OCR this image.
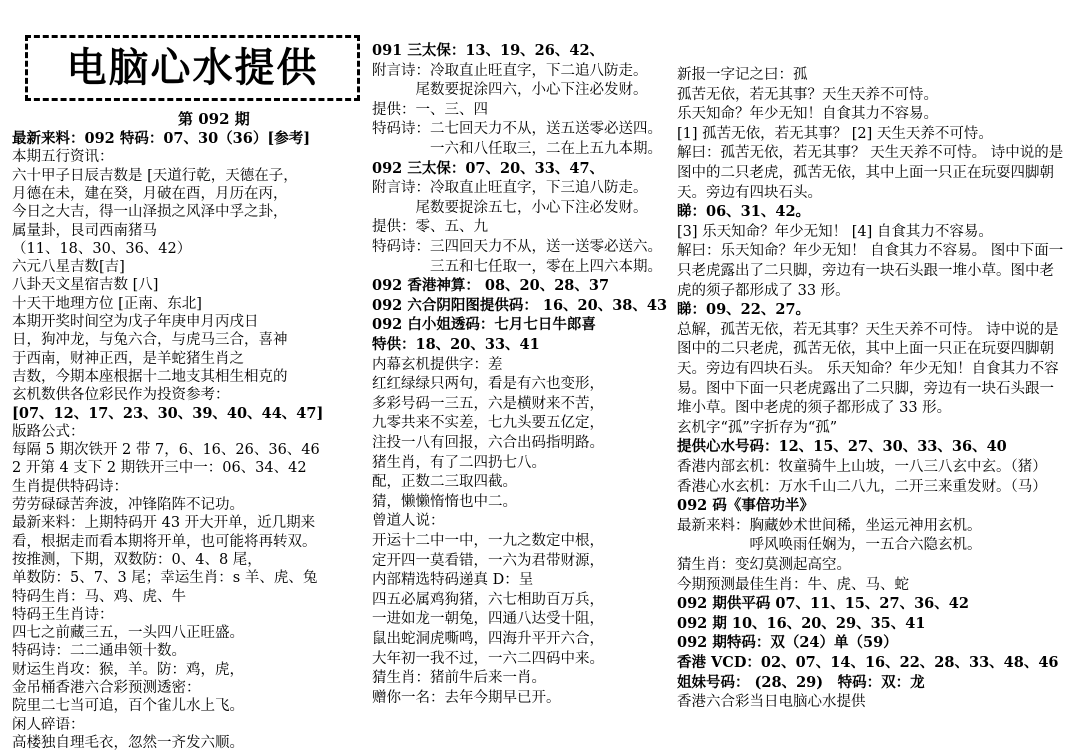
电脑心水提供
第 092 期
最新来料：092 特码：07、30（36）[参考]
本期五行资讯：
六十甲子日辰吉数是 [天道行乾，天德在子，
月德在未，建在癸，月破在酉，月历在丙，
今日之大吉，得一山泽损之风泽中孚之卦，
属量卦，艮司西南猪马
（11、18、30、36、42）
六元八星吉数[吉]
八卦天文星宿吉数 [八]
十天干地理方位 [正南、东北]
本期开奖时间空为戊子年庚申月丙戌日
日，狗冲龙，与兔六合，与虎马三合，喜神
于西南，财神正西，是羊蛇猪生肖之
吉数，今期本座根据十二地支其相生相克的
玄机数供各位彩民作为投资参考：
[07、12、17、23、30、39、40、44、47]
版路公式：
每隔 5 期次铁开 2 带 7，6、16、26、36、46
2 开第 4 支下 2 期铁开三中一：06、34、42
生肖提供特码诗：
劳劳碌碌苦奔波，冲锋陷阵不记功。
最新来料：上期特码开 43 开大开单，近几期来
看，根据走而看本期将开单，也可能将再转双。
按推测，下期，双数防：0、4、8 尾，
单数防：5、7、3 尾；幸运生肖：s 羊、虎、兔
特码生肖：马、鸡、虎、牛
特码王生肖诗：
四七之前藏三五，一头四八正旺盛。
特码诗：二二通串领十数。
财运生肖攻：猴，羊。防：鸡，虎，
金吊桶香港六合彩预测透密：
院里二七当可追，百个雀儿水上飞。
闲人碎语：
高楼独自理毛衣，忽然一齐发六顺。
091 三太保：13、19、26、42、
附言诗：冷取直止旺直字，下二追八防走。
　　　尾数要捉涂四六，小心下注必发财。
提供：一、三、四
特码诗：二七回天力不从，送五送零必送四。
　　　　一六和八任取三，二在上五九本期。
092 三太保：07、20、33、47、
附言诗：冷取直止旺直字，下三追八防走。
　　　尾数要捉涂五七，小心下注必发财。
提供：零、五、九
特码诗：三四回天力不从，送一送零必送六。
　　　　三五和七任取一，零在上四六本期。
092 香港神算： 08、20、28、37
092 六合阴阳图提供码： 16、20、38、43
092 白小姐透码：七月七日牛郎喜
特供：18、20、33、41
内幕玄机提供字：差
红红绿绿只两句，看是有六也变形，
多彩号码一三五，六是横财来不苦，
九零共来不实差，七九头要五亿定，
注投一八有回报，六合出码指明路。
猪生肖，有了二四扔七八。
配，正数二三取四截。
猜，懒懒惰惰也中二。
曾道人说：
开运十二中一中，一九之数定中根，
定开四一莫看错，一六为君带财源，
内部精选特码递真 D：呈
四五必属鸡狗猪，六七相助百万兵，
一进如龙一朝兔，四通八达受十阻，
鼠出蛇洞虎嘶鸣，四海升平开六合，
大年初一我不过，一六二四码中来。
猜生肖：猪前牛后来一肖。
赠你一名：去年今期早已开。
新报一字记之曰：孤
孤苦无依，若无其事？天生天养不可恃。
乐天知命？年少无知！自食其力不容易。
[1] 孤苦无依，若无其事？ [2] 天生天养不可恃。
解曰：孤苦无依，若无其事？ 天生天养不可恃。 诗中说的是
图中的二只老虎，孤苦无依，其中上面一只正在玩耍四脚朝
天。旁边有四块石头。
睇：06、31、42。
[3] 乐天知命？年少无知！ [4] 自食其力不容易。
解曰：乐天知命？年少无知！ 自食其力不容易。 图中下面一
只老虎露出了二只脚，旁边有一块石头跟一堆小草。图中老
虎的须子都形成了 33 形。
睇：09、22、27。
总解，孤苦无依，若无其事？天生天养不可恃。 诗中说的是
图中的二只老虎，孤苦无依，其中上面一只正在玩耍四脚朝
天。旁边有四块石头。 乐天知命？年少无知！自食其力不容
易。图中下面一只老虎露出了二只脚，旁边有一块石头跟一
堆小草。图中老虎的须子都形成了 33 形。
玄机字“孤”字折存为“孤”
提供心水号码：12、15、27、30、33、36、40
香港内部玄机：牧童骑牛上山坡，一八三八玄中玄。（猪）
香港心水玄机：万水千山二八九，二开三来重发财。（马）
092 码《事倍功半》
最新来料：胸藏妙术世间稀，坐运元神用玄机。
　　　　　呼风唤雨任娴为，一五合六隐玄机。
猜生肖：变幻莫测起高空。
今期预测最佳生肖：牛、虎、马、蛇
092 期供平码 07、11、15、27、36、42
092 期 10、16、20、29、35、41
092 期特码：双（24）单（59）
香港 VCD：02、07、14、16、22、28、33、48、46
姐妹号码： (28、29)　特码：双：龙
香港六合彩当日电脑心水提供
